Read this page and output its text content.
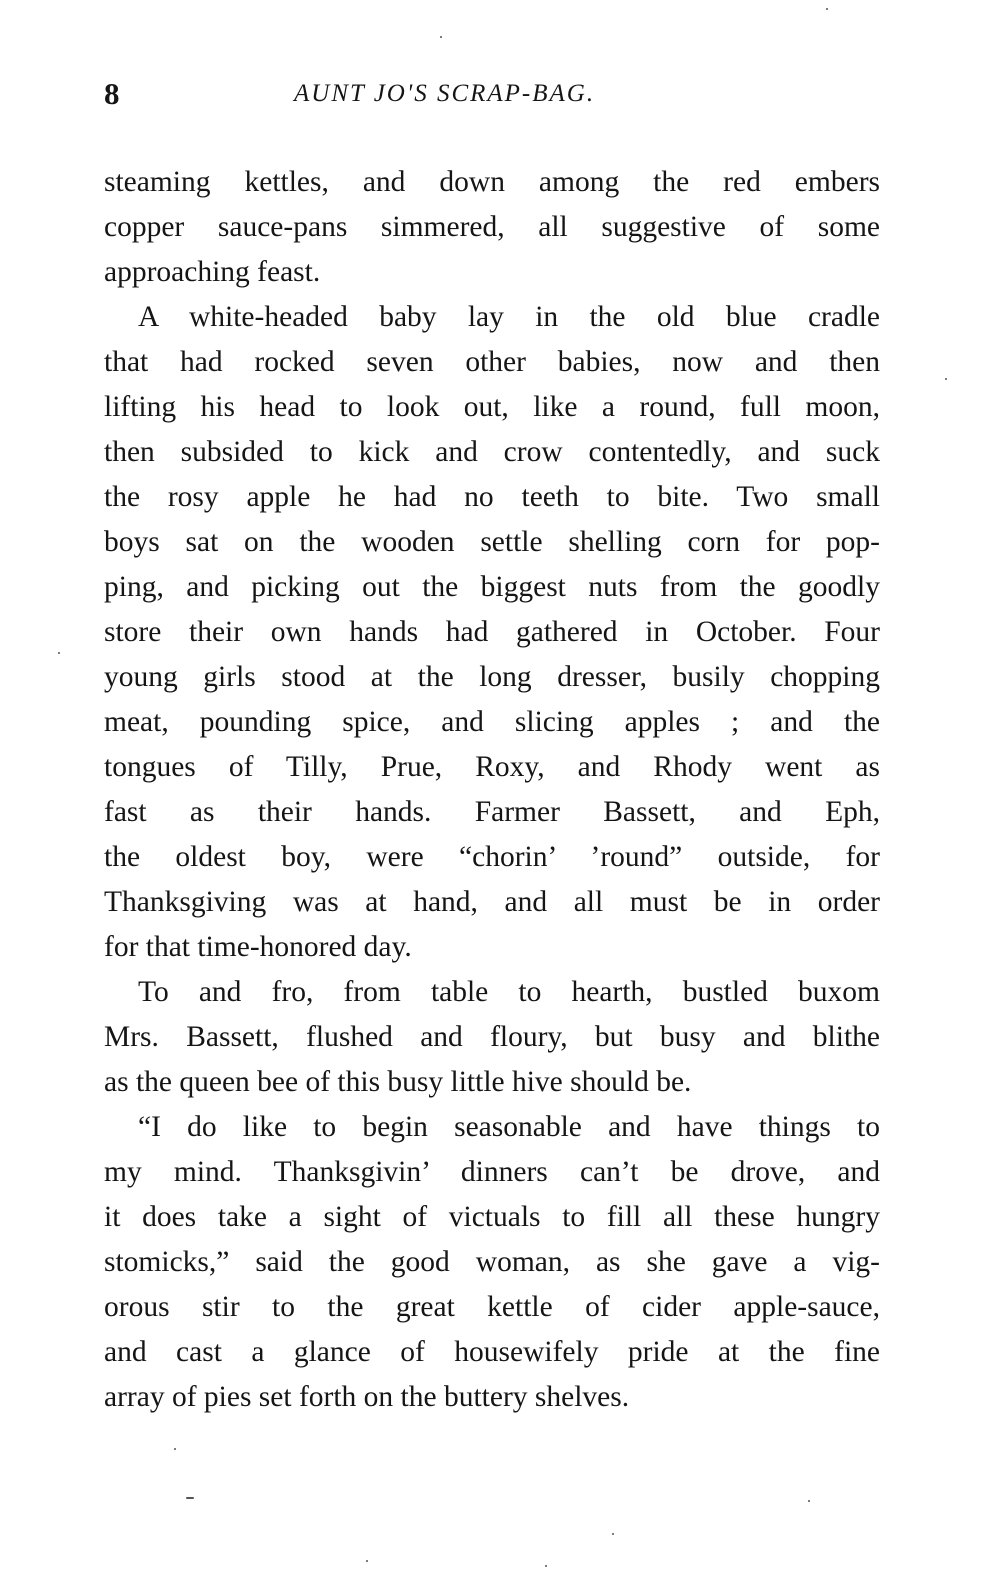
8	AUNT JO'S SCRAP-BAG.
steaming kettles, and down among the red embers
copper sauce-pans simmered, all suggestive of some
approaching feast.
A white-headed baby lay in the old blue cradle
that had rocked seven other babies, now and then
lifting his head to look out, like a round, full moon,
then subsided to kick and crow contentedly, and suck
the rosy apple he had no teeth to bite. Two small
boys sat on the wooden settle shelling corn for pop-
ping, and picking out the biggest nuts from the goodly
store their own hands had gathered in October. Four
young girls stood at the long dresser, busily chopping
meat, pounding spice, and slicing apples ; and the
tongues of Tilly, Prue, Roxy, and Rhody went as
fast as their hands. Farmer Bassett, and Eph,
the oldest boy, were “chorin’ ’round” outside, for
Thanksgiving was at hand, and all must be in order
for that time-honored day.
To and fro, from table to hearth, bustled buxom
Mrs. Bassett, flushed and floury, but busy and blithe
as the queen bee of this busy little hive should be.
“I do like to begin seasonable and have things to
my mind. Thanksgivin’ dinners can’t be drove, and
it does take a sight of victuals to fill all these hungry
stomicks,” said the good woman, as she gave a vig-
orous stir to the great kettle of cider apple-sauce,
and cast a glance of housewifely pride at the fine
array of pies set forth on the buttery shelves.
